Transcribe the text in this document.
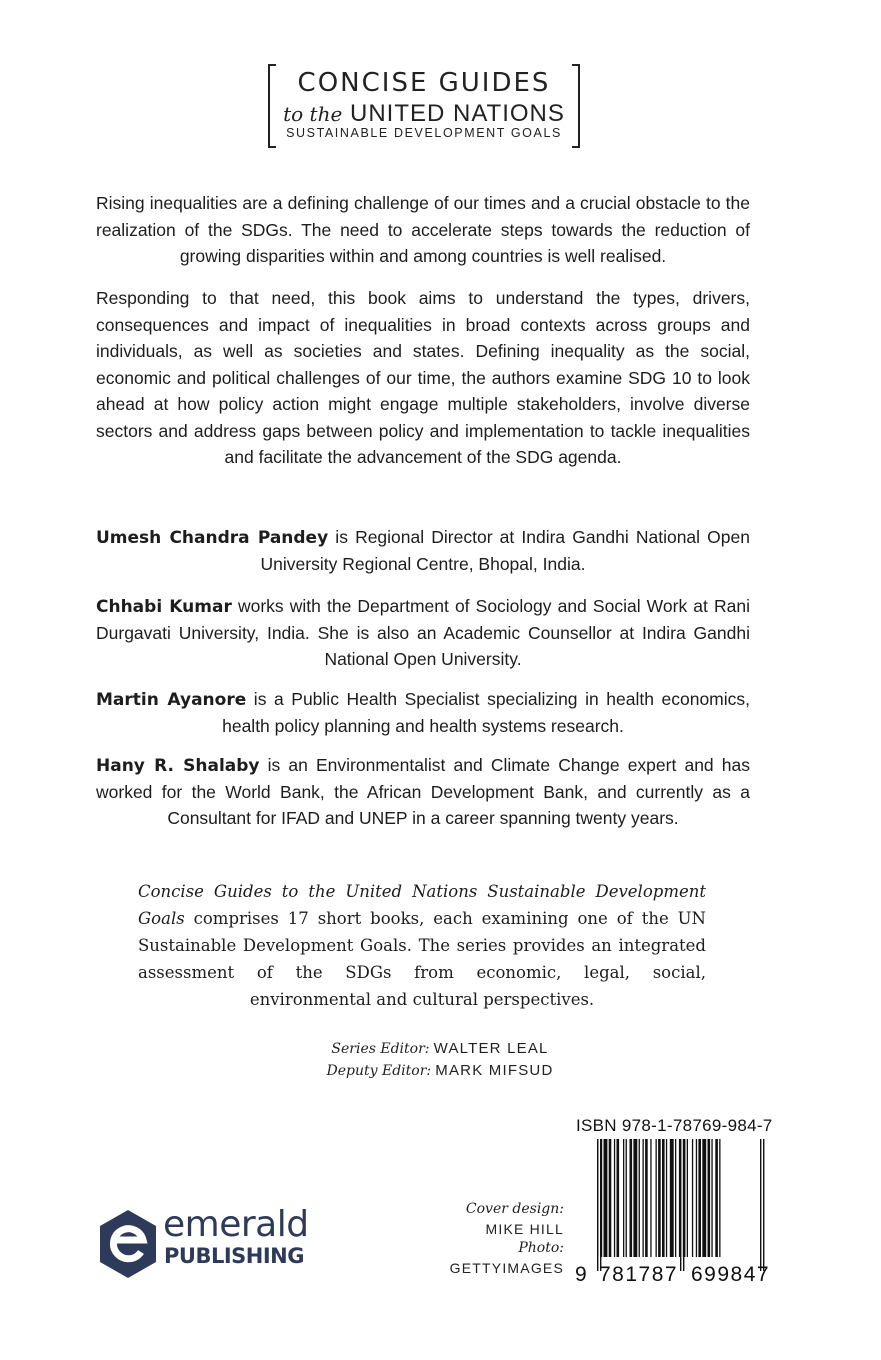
CONCISE GUIDES
to the UNITED NATIONS
SUSTAINABLE DEVELOPMENT GOALS
Rising inequalities are a defining challenge of our times and a crucial obstacle to the realization of the SDGs. The need to accelerate steps towards the reduction of growing disparities within and among countries is well realised.
Responding to that need, this book aims to understand the types, drivers, consequences and impact of inequalities in broad contexts across groups and individuals, as well as societies and states. Defining inequality as the social, economic and political challenges of our time, the authors examine SDG 10 to look ahead at how policy action might engage multiple stakeholders, involve diverse sectors and address gaps between policy and implementation to tackle inequalities and facilitate the advancement of the SDG agenda.
Umesh Chandra Pandey is Regional Director at Indira Gandhi National Open University Regional Centre, Bhopal, India.
Chhabi Kumar works with the Department of Sociology and Social Work at Rani Durgavati University, India. She is also an Academic Counsellor at Indira Gandhi National Open University.
Martin Ayanore is a Public Health Specialist specializing in health economics, health policy planning and health systems research.
Hany R. Shalaby is an Environmentalist and Climate Change expert and has worked for the World Bank, the African Development Bank, and currently as a Consultant for IFAD and UNEP in a career spanning twenty years.
Concise Guides to the United Nations Sustainable Development Goals comprises 17 short books, each examining one of the UN Sustainable Development Goals. The series provides an integrated assessment of the SDGs from economic, legal, social, environmental and cultural perspectives.
Series Editor: WALTER LEAL
Deputy Editor: MARK MIFSUD
emerald
PUBLISHING
Cover design:
MIKE HILL
Photo:
GETTYIMAGES
ISBN 978-1-78769-984-7
9 781787 699847
